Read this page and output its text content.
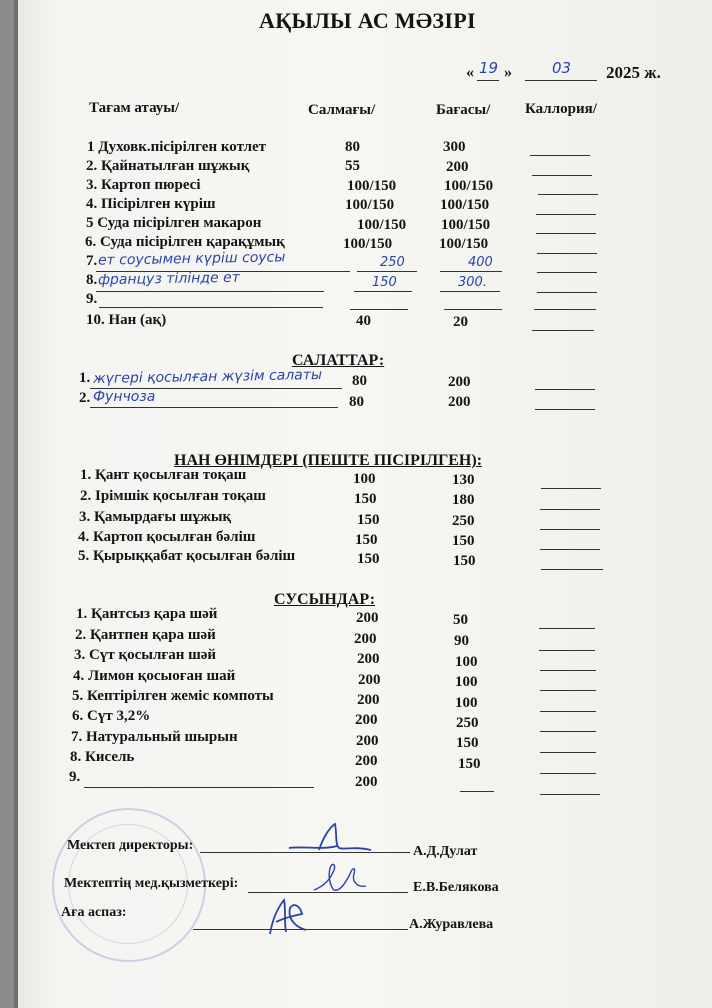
АҚЫЛЫ АС МӘЗІРІ
« 19 »	03 2025 ж.
Тағам атауы/	Салмағы/	Бағасы/ Каллория/
1 Духовк.пісірілген котлет	80	300
2. Қайнатылған шұжық	55	200
3. Картоп пюресі	100/150	100/150
4. Пісірілген күріш	100/150	100/150
5 Суда пісірілген макарон	100/150 100/150
6. Суда пісірілген қарақұмық	100/150	100/150
7. ет соусымен күріш соусы	250	400
8. француз тілінде ет	150	300.
9.
10. Нан (ақ)	40	20
САЛАТТАР:
1. жүгері қосылған жүзім салаты 80	200
2. Фунчоза	80	200
НАН ӨНІМДЕРІ (ПЕШТЕ ПІСІРІЛГЕН):
1. Қант қосылған тоқаш	100	130
2. Ірімшік қосылған тоқаш	150	180
3. Қамырдағы шұжық	150	250
4. Картоп қосылған бәліш	150	150
5. Қырыққабат қосылған бәліш	150	150
СУСЫНДАР:
1. Қантсыз қара шәй	200	50
2. Қантпен қара шәй	200	90
3. Сүт қосылған шәй	200	100
4. Лимон қосыоған шай	200	100
5. Кептірілген жеміс компоты	200	100
6. Сүт 3,2%	200	250
7. Натуральный шырын	200	150
8. Кисель	200	150
9.	200
Мектеп директоры:	А.Д.Дулат
Мектептің мед.қызметкері:	Е.В.Белякова
Аға аспаз:
А.Журавлева
